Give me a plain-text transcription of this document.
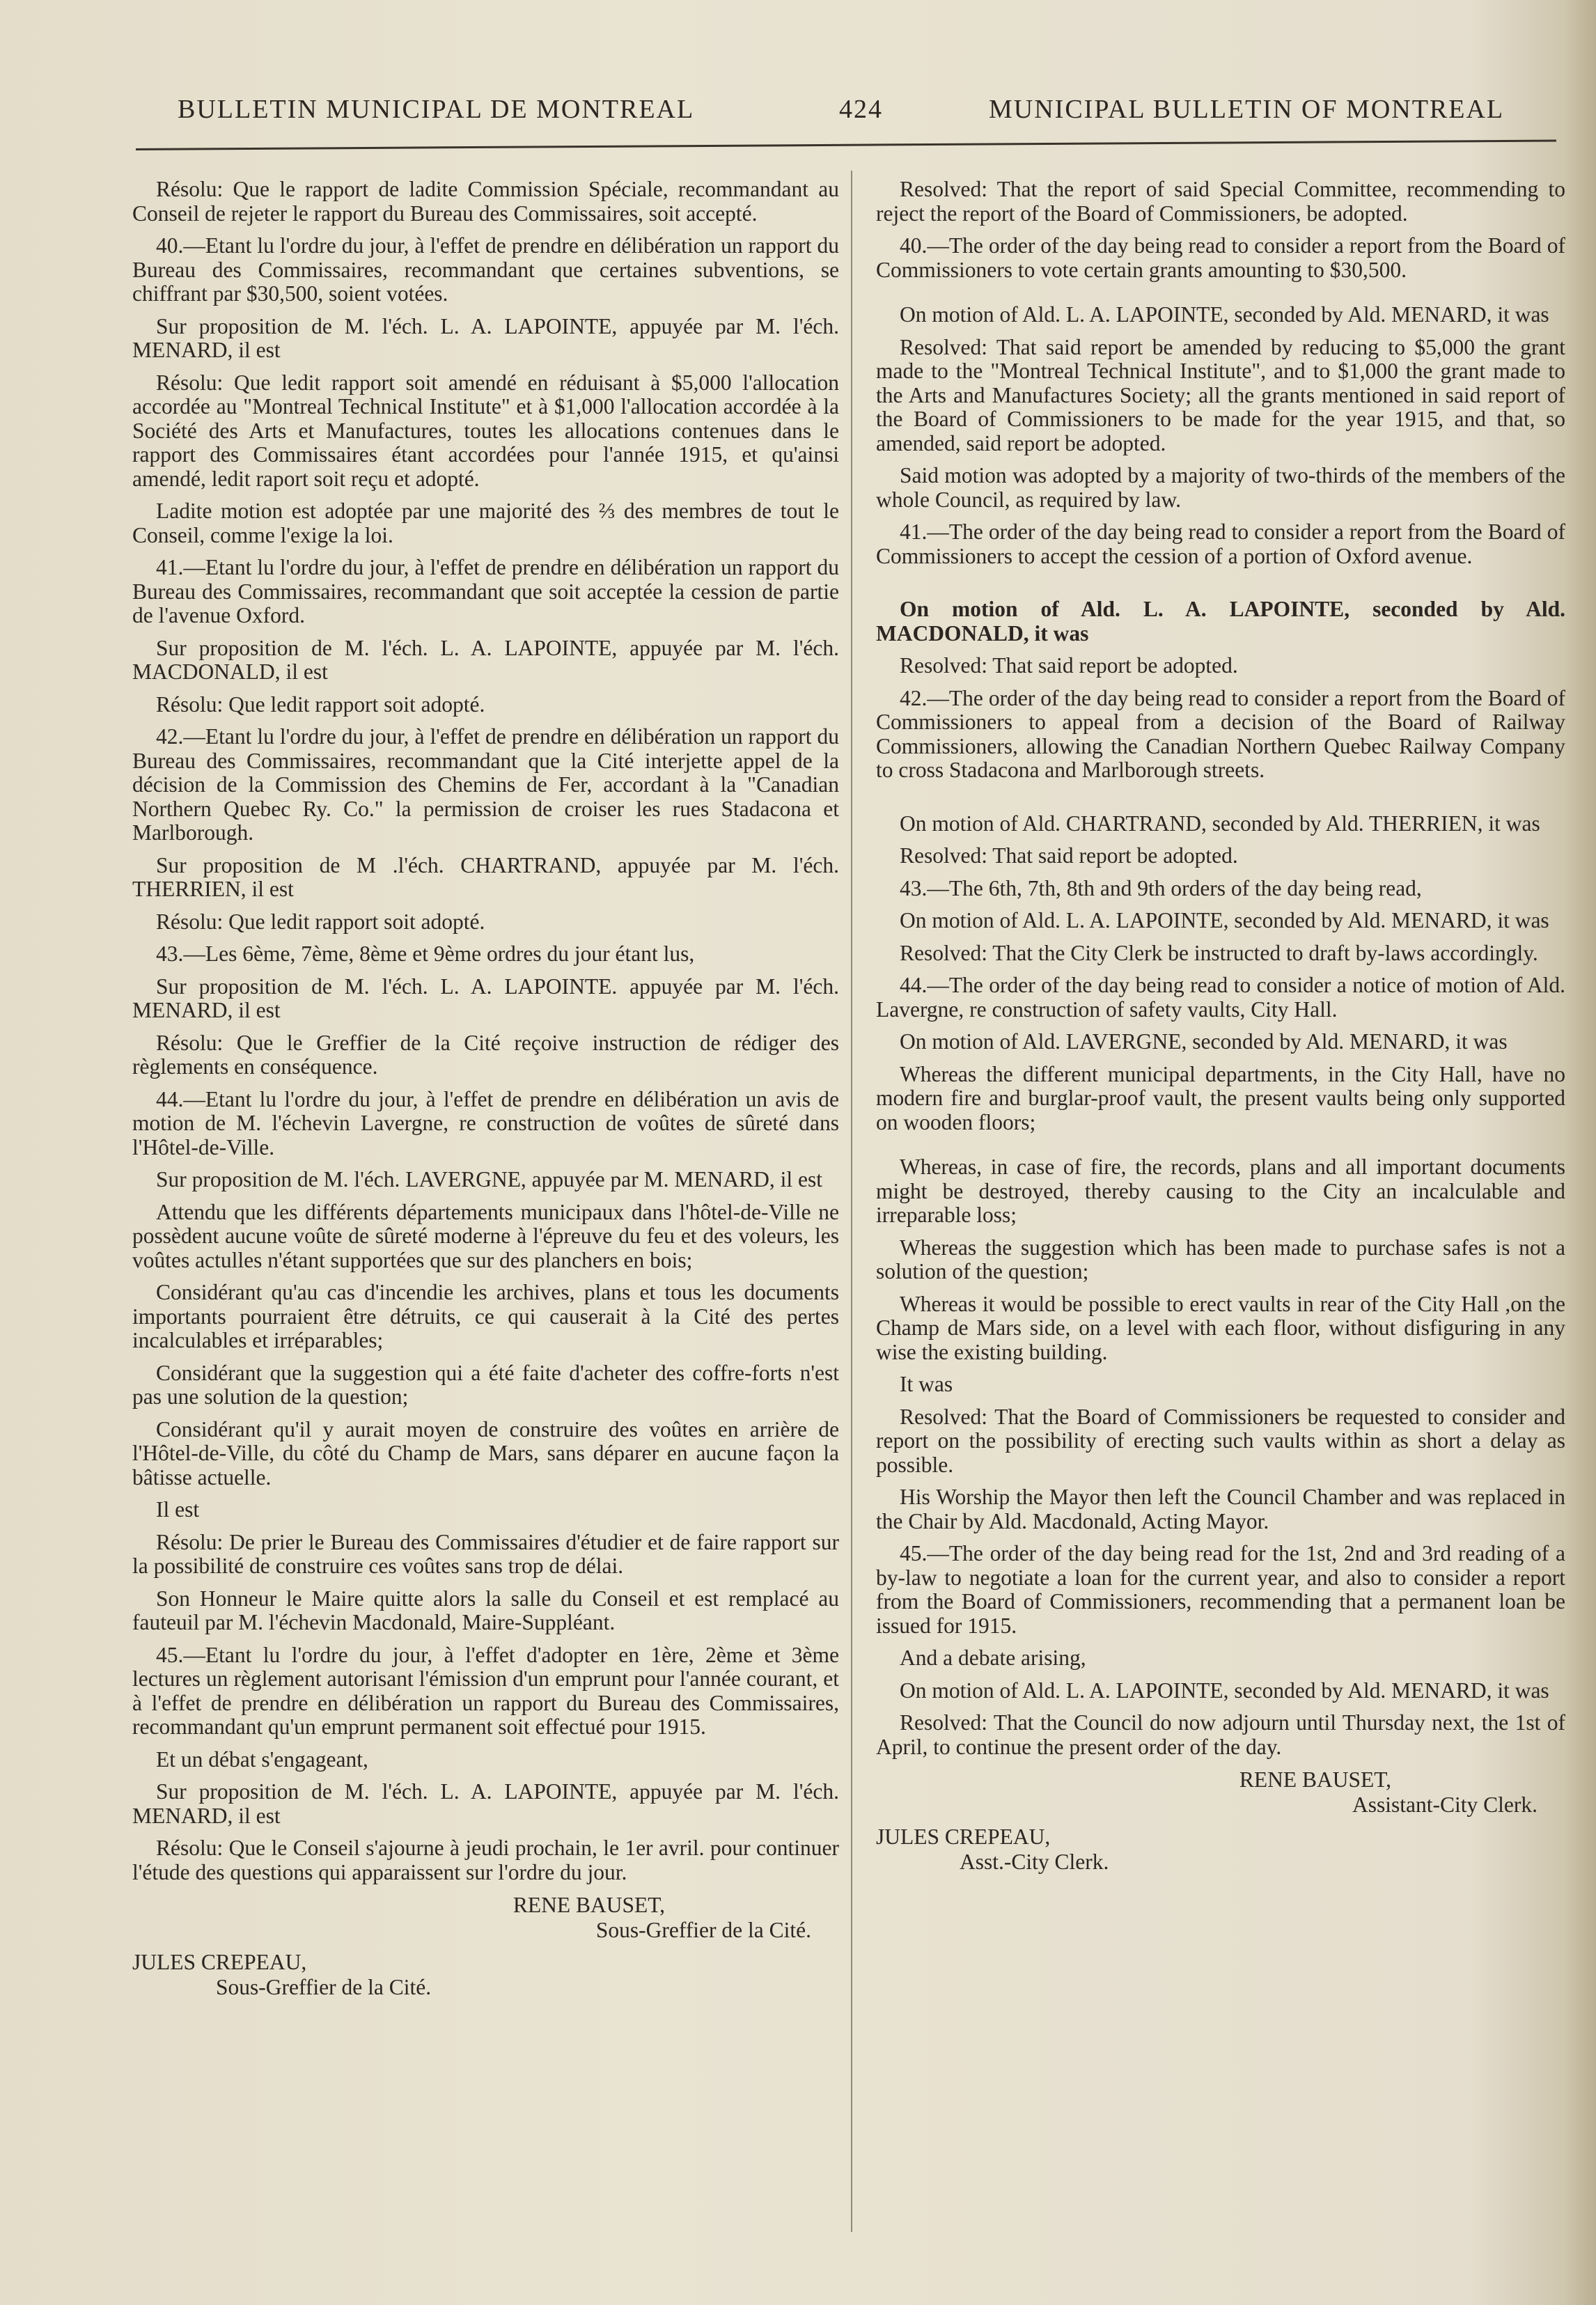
BULLETIN MUNICIPAL DE MONTREAL	424	MUNICIPAL BULLETIN OF MONTREAL

Résolu: Que le rapport de ladite Commission Spéciale, recommandant au Conseil de rejeter le rapport du Bureau des Commissaires, soit accepté.

40.—Etant lu l'ordre du jour, à l'effet de prendre en délibération un rapport du Bureau des Commissaires, recommandant que certaines subventions, se chiffrant par $30,500, soient votées.

Sur proposition de M. l'éch. L. A. LAPOINTE, appuyée par M. l'éch. MENARD, il est

Résolu: Que ledit rapport soit amendé en réduisant à $5,000 l'allocation accordée au "Montreal Technical Institute" et à $1,000 l'allocation accordée à la Société des Arts et Manufactures, toutes les allocations contenues dans le rapport des Commissaires étant accordées pour l'année 1915, et qu'ainsi amendé, ledit raport soit reçu et adopté.

Ladite motion est adoptée par une majorité des ⅔ des membres de tout le Conseil, comme l'exige la loi.

41.—Etant lu l'ordre du jour, à l'effet de prendre en délibération un rapport du Bureau des Commissaires, recommandant que soit acceptée la cession de partie de l'avenue Oxford.

Sur proposition de M. l'éch. L. A. LAPOINTE, appuyée par M. l'éch. MACDONALD, il est

Résolu: Que ledit rapport soit adopté.

42.—Etant lu l'ordre du jour, à l'effet de prendre en délibération un rapport du Bureau des Commissaires, recommandant que la Cité interjette appel de la décision de la Commission des Chemins de Fer, accordant à la "Canadian Northern Quebec Ry. Co." la permission de croiser les rues Stadacona et Marlborough.

Sur proposition de M .l'éch. CHARTRAND, appuyée par M. l'éch. THERRIEN, il est

Résolu: Que ledit rapport soit adopté.

43.—Les 6ème, 7ème, 8ème et 9ème ordres du jour étant lus,

Sur proposition de M. l'éch. L. A. LAPOINTE. appuyée par M. l'éch. MENARD, il est

Résolu: Que le Greffier de la Cité reçoive instruction de rédiger des règlements en conséquence.

44.—Etant lu l'ordre du jour, à l'effet de prendre en délibération un avis de motion de M. l'échevin Lavergne, re construction de voûtes de sûreté dans l'Hôtel-de-Ville.

Sur proposition de M. l'éch. LAVERGNE, appuyée par M. MENARD, il est

Attendu que les différents départements municipaux dans l'hôtel-de-Ville ne possèdent aucune voûte de sûreté moderne à l'épreuve du feu et des voleurs, les voûtes actulles n'étant supportées que sur des planchers en bois;

Considérant qu'au cas d'incendie les archives, plans et tous les documents importants pourraient être détruits, ce qui causerait à la Cité des pertes incalculables et irréparables;

Considérant que la suggestion qui a été faite d'acheter des coffre-forts n'est pas une solution de la question;

Considérant qu'il y aurait moyen de construire des voûtes en arrière de l'Hôtel-de-Ville, du côté du Champ de Mars, sans déparer en aucune façon la bâtisse actuelle.

Il est

Résolu: De prier le Bureau des Commissaires d'étudier et de faire rapport sur la possibilité de construire ces voûtes sans trop de délai.

Son Honneur le Maire quitte alors la salle du Conseil et est remplacé au fauteuil par M. l'échevin Macdonald, Maire-Suppléant.

45.—Etant lu l'ordre du jour, à l'effet d'adopter en 1ère, 2ème et 3ème lectures un règlement autorisant l'émission d'un emprunt pour l'année courant, et à l'effet de prendre en délibération un rapport du Bureau des Commissaires, recommandant qu'un emprunt permanent soit effectué pour 1915.

Et un débat s'engageant,

Sur proposition de M. l'éch. L. A. LAPOINTE, appuyée par M. l'éch. MENARD, il est

Résolu: Que le Conseil s'ajourne à jeudi prochain, le 1er avril. pour continuer l'étude des questions qui apparaissent sur l'ordre du jour.

RENE BAUSET,

Sous-Greffier de la Cité.

JULES CREPEAU,

Sous-Greffier de la Cité.

Resolved: That the report of said Special Committee, recommending to reject the report of the Board of Commissioners, be adopted.

40.—The order of the day being read to consider a report from the Board of Commissioners to vote certain grants amounting to $30,500.

On motion of Ald. L. A. LAPOINTE, seconded by Ald. MENARD, it was

Resolved: That said report be amended by reducing to $5,000 the grant made to the "Montreal Technical Institute", and to $1,000 the grant made to the Arts and Manufactures Society; all the grants mentioned in said report of the Board of Commissioners to be made for the year 1915, and that, so amended, said report be adopted.

Said motion was adopted by a majority of two-thirds of the members of the whole Council, as required by law.

41.—The order of the day being read to consider a report from the Board of Commissioners to accept the cession of a portion of Oxford avenue.

On motion of Ald. L. A. LAPOINTE, seconded by Ald. MACDONALD, it was

Resolved: That said report be adopted.

42.—The order of the day being read to consider a report from the Board of Commissioners to appeal from a decision of the Board of Railway Commissioners, allowing the Canadian Northern Quebec Railway Company to cross Stadacona and Marlborough streets.

On motion of Ald. CHARTRAND, seconded by Ald. THERRIEN, it was

Resolved: That said report be adopted.

43.—The 6th, 7th, 8th and 9th orders of the day being read,

On motion of Ald. L. A. LAPOINTE, seconded by Ald. MENARD, it was

Resolved: That the City Clerk be instructed to draft by-laws accordingly.

44.—The order of the day being read to consider a notice of motion of Ald. Lavergne, re construction of safety vaults, City Hall.

On motion of Ald. LAVERGNE, seconded by Ald. MENARD, it was

Whereas the different municipal departments, in the City Hall, have no modern fire and burglar-proof vault, the present vaults being only supported on wooden floors;

Whereas, in case of fire, the records, plans and all important documents might be destroyed, thereby causing to the City an incalculable and irreparable loss;

Whereas the suggestion which has been made to purchase safes is not a solution of the question;

Whereas it would be possible to erect vaults in rear of the City Hall ,on the Champ de Mars side, on a level with each floor, without disfiguring in any wise the existing building.

It was

Resolved: That the Board of Commissioners be requested to consider and report on the possibility of erecting such vaults within as short a delay as possible.

His Worship the Mayor then left the Council Chamber and was replaced in the Chair by Ald. Macdonald, Acting Mayor.

45.—The order of the day being read for the 1st, 2nd and 3rd reading of a by-law to negotiate a loan for the current year, and also to consider a report from the Board of Commissioners, recommending that a permanent loan be issued for 1915.

And a debate arising,

On motion of Ald. L. A. LAPOINTE, seconded by Ald. MENARD, it was

Resolved: That the Council do now adjourn until Thursday next, the 1st of April, to continue the present order of the day.

RENE BAUSET,

Assistant-City Clerk.

JULES CREPEAU,

Asst.-City Clerk.
